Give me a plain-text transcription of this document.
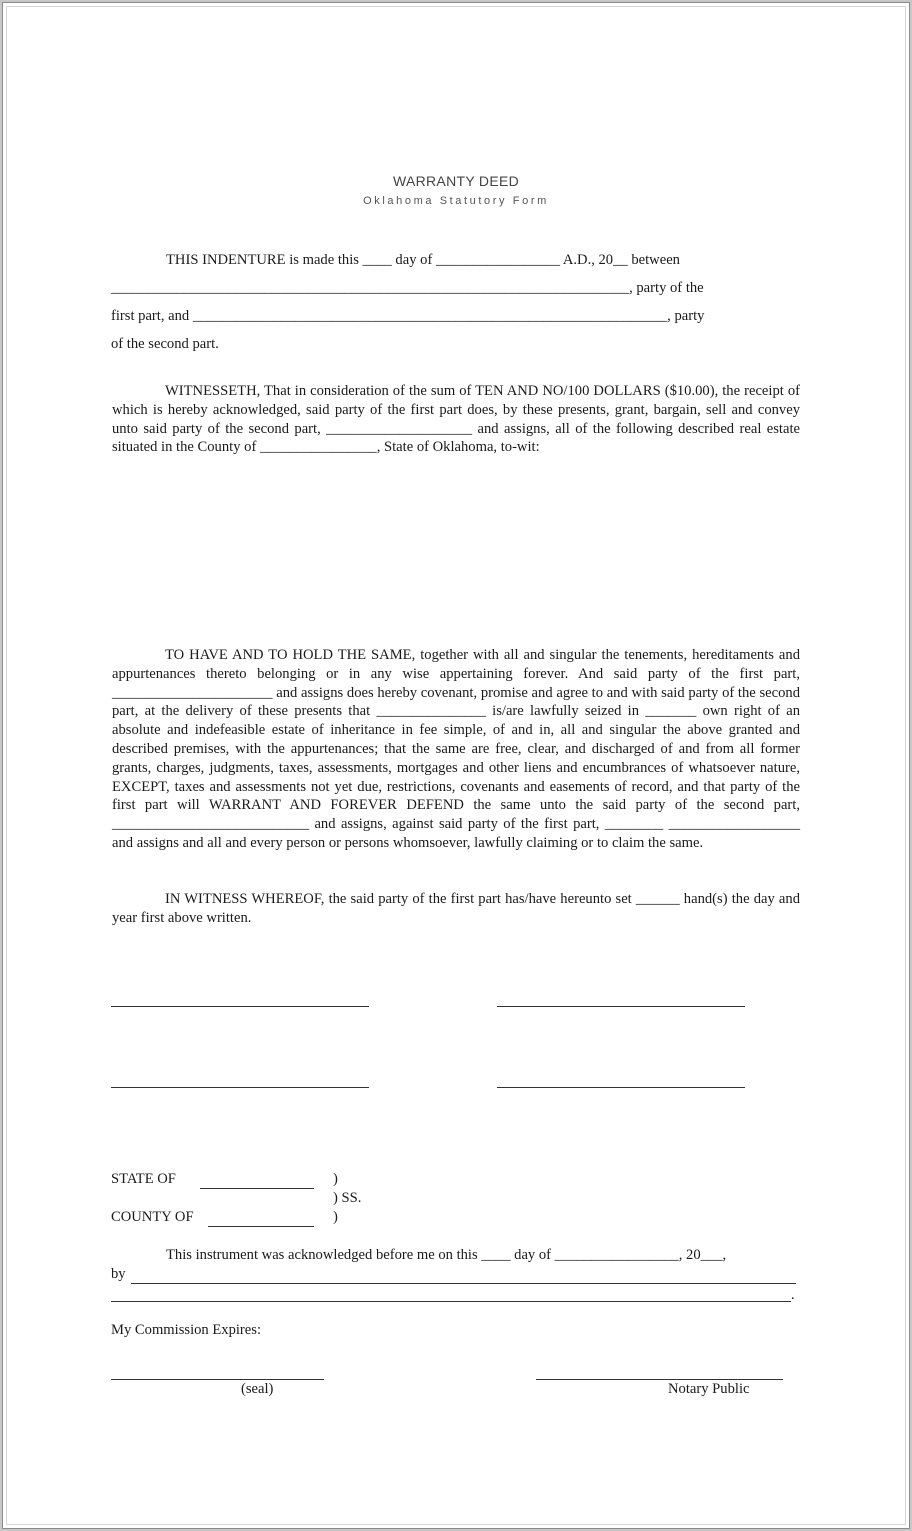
WARRANTY DEED
Oklahoma Statutory Form
THIS INDENTURE is made this ____ day of _________________ A.D., 20__ between
_______________________________________________________________________, party of the
first part, and _________________________________________________________________, party
of the second part.
WITNESSETH, That in consideration of the sum of TEN AND NO/100 DOLLARS ($10.00), the receipt of which is hereby acknowledged, said party of the first part does, by these presents, grant, bargain, sell and convey unto said party of the second part, ____________________ and assigns, all of the following described real estate situated in the County of ________________, State of Oklahoma, to-wit:
TO HAVE AND TO HOLD THE SAME, together with all and singular the tenements, hereditaments and appurtenances thereto belonging or in any wise appertaining forever. And said party of the first part, ______________________ and assigns does hereby covenant, promise and agree to and with said party of the second part, at the delivery of these presents that _______________ is/are lawfully seized in _______ own right of an absolute and indefeasible estate of inheritance in fee simple, of and in, all and singular the above granted and described premises, with the appurtenances; that the same are free, clear, and discharged of and from all former grants, charges, judgments, taxes, assessments, mortgages and other liens and encumbrances of whatsoever nature, EXCEPT, taxes and assessments not yet due, restrictions, covenants and easements of record, and that party of the first part will WARRANT AND FOREVER DEFEND the same unto the said party of the second part, ___________________________ and assigns, against said party of the first part, ________ __________________ and assigns and all and every person or persons whomsoever, lawfully claiming or to claim the same.
IN WITNESS WHEREOF, the said party of the first part has/have hereunto set ______ hand(s) the day and year first above written.
STATE OF	)
) SS.
COUNTY OF	)
This instrument was acknowledged before me on this ____ day of _________________, 20___,
by
.
My Commission Expires:
(seal)	Notary Public
